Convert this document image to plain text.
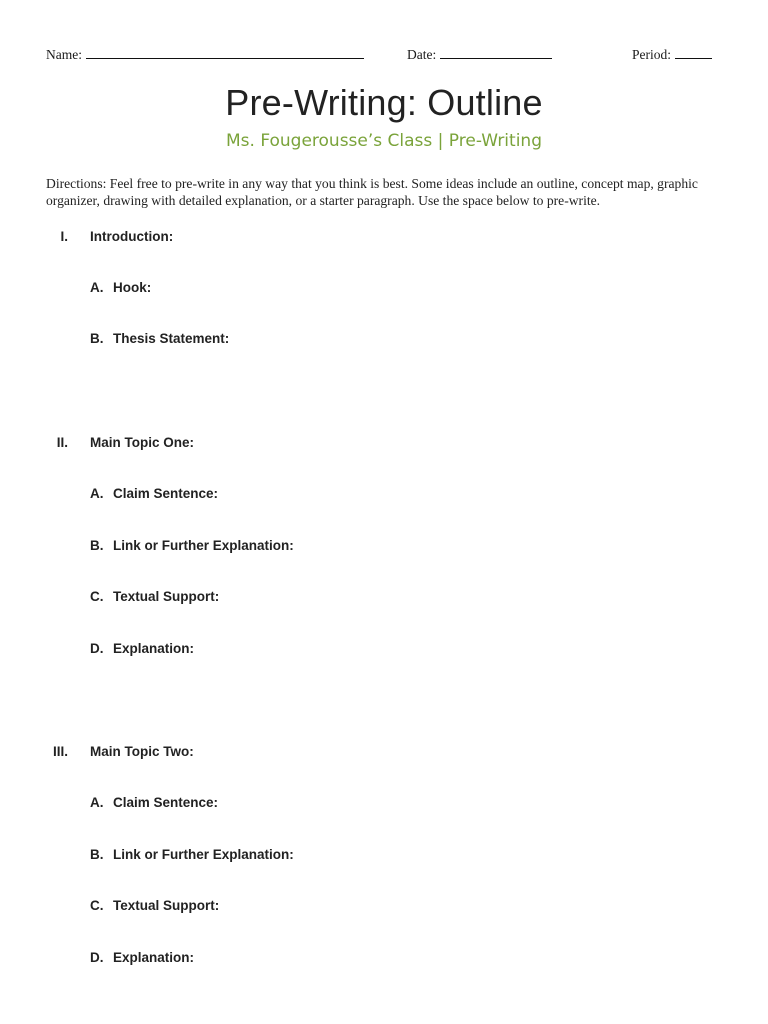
Name:	Date:	Period:
Pre-Writing: Outline
Ms. Fougerousse’s Class | Pre-Writing

Directions: Feel free to pre-write in any way that you think is best. Some ideas include an outline, concept map, graphic organizer, drawing with detailed explanation, or a starter paragraph. Use the space below to pre-write.

I. Introduction:
A. Hook:
B. Thesis Statement:
II. Main Topic One:
A. Claim Sentence:
B. Link or Further Explanation:
C. Textual Support:
D. Explanation:
III. Main Topic Two:
A. Claim Sentence:
B. Link or Further Explanation:
C. Textual Support:
D. Explanation:
